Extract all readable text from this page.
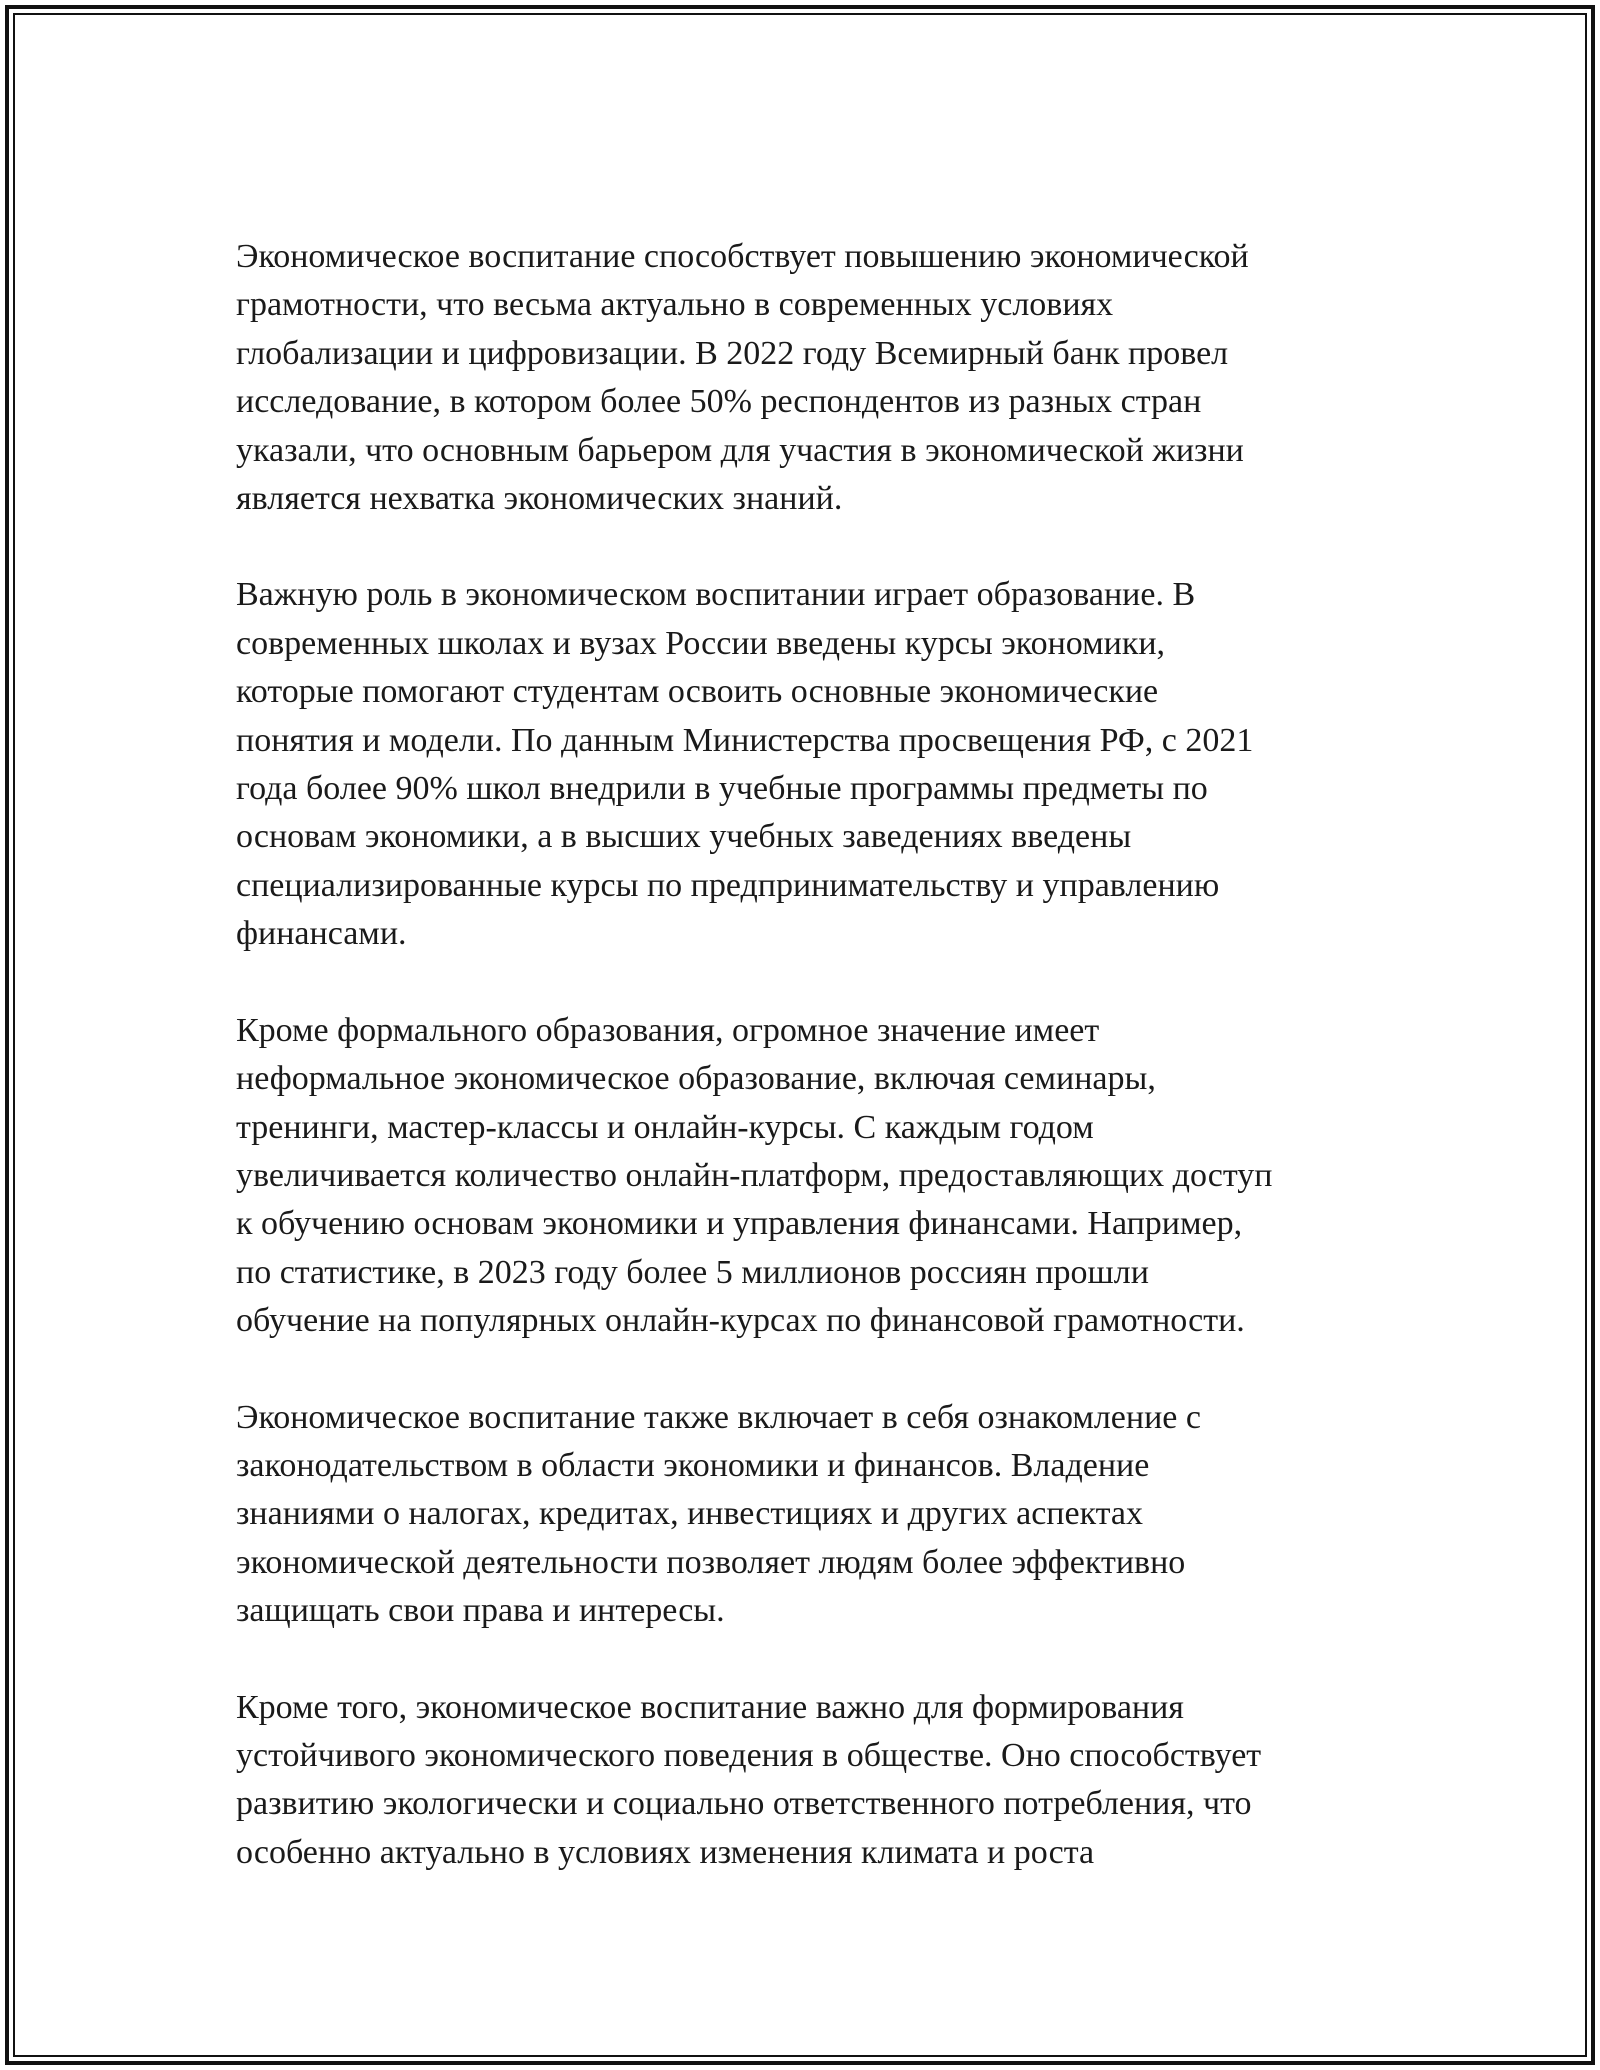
Экономическое воспитание способствует повышению экономической
грамотности, что весьма актуально в современных условиях
глобализации и цифровизации. В 2022 году Всемирный банк провел
исследование, в котором более 50% респондентов из разных стран
указали, что основным барьером для участия в экономической жизни
является нехватка экономических знаний.

Важную роль в экономическом воспитании играет образование. В
современных школах и вузах России введены курсы экономики,
которые помогают студентам освоить основные экономические
понятия и модели. По данным Министерства просвещения РФ, с 2021
года более 90% школ внедрили в учебные программы предметы по
основам экономики, а в высших учебных заведениях введены
специализированные курсы по предпринимательству и управлению
финансами.

Кроме формального образования, огромное значение имеет
неформальное экономическое образование, включая семинары,
тренинги, мастер-классы и онлайн-курсы. С каждым годом
увеличивается количество онлайн-платформ, предоставляющих доступ
к обучению основам экономики и управления финансами. Например,
по статистике, в 2023 году более 5 миллионов россиян прошли
обучение на популярных онлайн-курсах по финансовой грамотности.

Экономическое воспитание также включает в себя ознакомление с
законодательством в области экономики и финансов. Владение
знаниями о налогах, кредитах, инвестициях и других аспектах
экономической деятельности позволяет людям более эффективно
защищать свои права и интересы.

Кроме того, экономическое воспитание важно для формирования
устойчивого экономического поведения в обществе. Оно способствует
развитию экологически и социально ответственного потребления, что
особенно актуально в условиях изменения климата и роста
